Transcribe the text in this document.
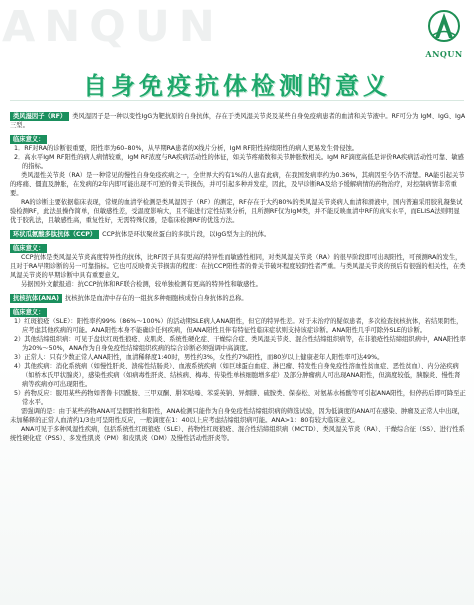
ANQUN
ANQUN
自身免疫抗体检测的意义

类风湿因子（RF） 类风湿因子是一种以变性IgG为靶抗原的自身抗体，存在于类风湿关节炎及某些自身免疫病患者的血清和关节液中。RF可分为 IgM、IgG、IgA 三型。

临床意义：

1．RF对RA的诊断很重要，阳性率为60–80%，从早期RA患者的X线片分析，IgM RF阳性持续阳性的病人更易发生骨侵蚀。

2．高水平IgM RF阳性的病人病情较重，IgM RF浓度与RA疾病活动性的体征，如关节疼痛数和关节肿胀数相关。IgM RF滴度高低是评价RA疾病活动性可靠、敏感的指标。

类风湿性关节炎（RA）是一种常见的慢性自身免疫疾病之一，全世界大约有1%的人患有此病，在我国发病率约为0.36%，其病因至今仍不清楚。RA能引起关节的疼痛、僵直及肿胀，在发病的2年内即可能出现不可逆的骨关节损伤，并可引起多种并发症，因此，及早诊断RA及给予缓解病情的药物治疗，对控制病情非常重要。

RA的诊断主要依据临床表现，常规的血清学检测是类风湿因子（RF）的测定，RF存在于大约80%的类风湿关节炎病人血清和滑液中，国内普遍采用胶乳凝集试验检测RF，此法虽操作简单，但敏感性差，受温度影响大，且不能进行定性结果分析，且所测RF仅为IgM类，并不能反映血清中RF的真实水平，而ELISA法则明显优于胶乳法，且敏感性高，重复性好，无需特殊仪器，是临床检测RF的优选方法。

环状瓜氨酸多肽抗体（CCP） CCP抗体是环状聚丝蛋白的多肽片段，以IgG型为主的抗体。

临床意义：

CCP抗体是类风湿关节炎高度特异性的抗体，比RF因子具有更高的特异性而敏感性相同，对类风湿关节炎（RA）的很早阶段即可出现阳性，可预测RA的发生，且对于RA早期诊断的另一可靠指标。它也可反映骨关节损害的程度：在抗CCP阳性者的骨关节破坏程度较阴性者严重。与类风湿关节炎的预后有很强的相关性，在类风湿关节炎的早期诊断中具有重要意义。

另据国外文献报道：抗CCP抗体和RF联合检测，较单独检测有更高的特异性和敏感性。

抗核抗体(ANA) 抗核抗体是血清中存在的一组抗多种细胞核成份自身抗体的总称。

临床意义：

1）红斑狼疮（SLE）：阳性率约99%（86%～100%）的活动期SLE病人ANA阳性，但它的特异性差。对于未治疗的疑似患者，多次检查抗核抗体，若结果阴性，应考虑其他疾病的可能。ANA阳性本身不能确诊任何疾病，但ANA阳性且伴有特征性临床症状则支持该症诊断。ANA阳性几乎可除外SLE的诊断。

2）其他结缔组织病：可见于盘状红斑性狼疮、皮肌炎、系统性硬化症、干燥综合症、类风湿关节炎、混合性结缔组织病等，在非狼疮性结缔组织病中，ANA阳性率为20%～50%，ANA作为自身免疫性结缔组织疾病的综合诊断必须强调中高滴度。

3）正常人：只有少数正常人ANA阳性，血清稀释度1:40时，男性约3%，女性约7%阳性，而80岁以上健康老年人阳性率可达49%。

4）其他疾病：消化系统病（如慢性肝炎、溃疡性结肠炎）、血液系统疾病（如巨球蛋白血症、淋巴瘤、特发性自身免疫性溶血性贫血症、恶性贫血）、内分泌疾病（如桥本氏甲状腺炎），感染性疾病（如病毒性肝炎、结核病、梅毒、传染性单核细胞增多症）及部分肿瘤病人可出现ANA阳性，但滴度较低，胰腺炎、慢性肾病等疾病亦可出现阳性。

5）药物反应：服用某些药物如普鲁卡因酰胺、三甲双酮、肼苯哒嗪、苯妥英钠、异烟肼、硫胺类、保泰松、对氨基水杨酸等可引起ANA阳性，但停药后即可降至正常水平。

需强调的是：由于某些药物ANA可呈假阳性和阳性，ANA检测只能作为自身免疫性结缔组织病的筛选试验，因为低滴度的ANA可在感染、肿瘤及正常人中出现，未加稀释的正常人血清约1/3也可呈阳性反应，一般滴度在1：40以上应考虑结缔组织病可能。ANA>1：80有较大临床意义。

ANA可见于多种风湿性疾病，包括系统性红斑狼疮（SLE）、药物性红斑狼疮、混合性结缔组织病（MCTD）、类风湿关节炎（RA）、干燥综合征（SS）、进行性系统性硬化症（PSS）、多发性肌炎（PM）和皮肌炎（DM）及慢性活动性肝炎等。
